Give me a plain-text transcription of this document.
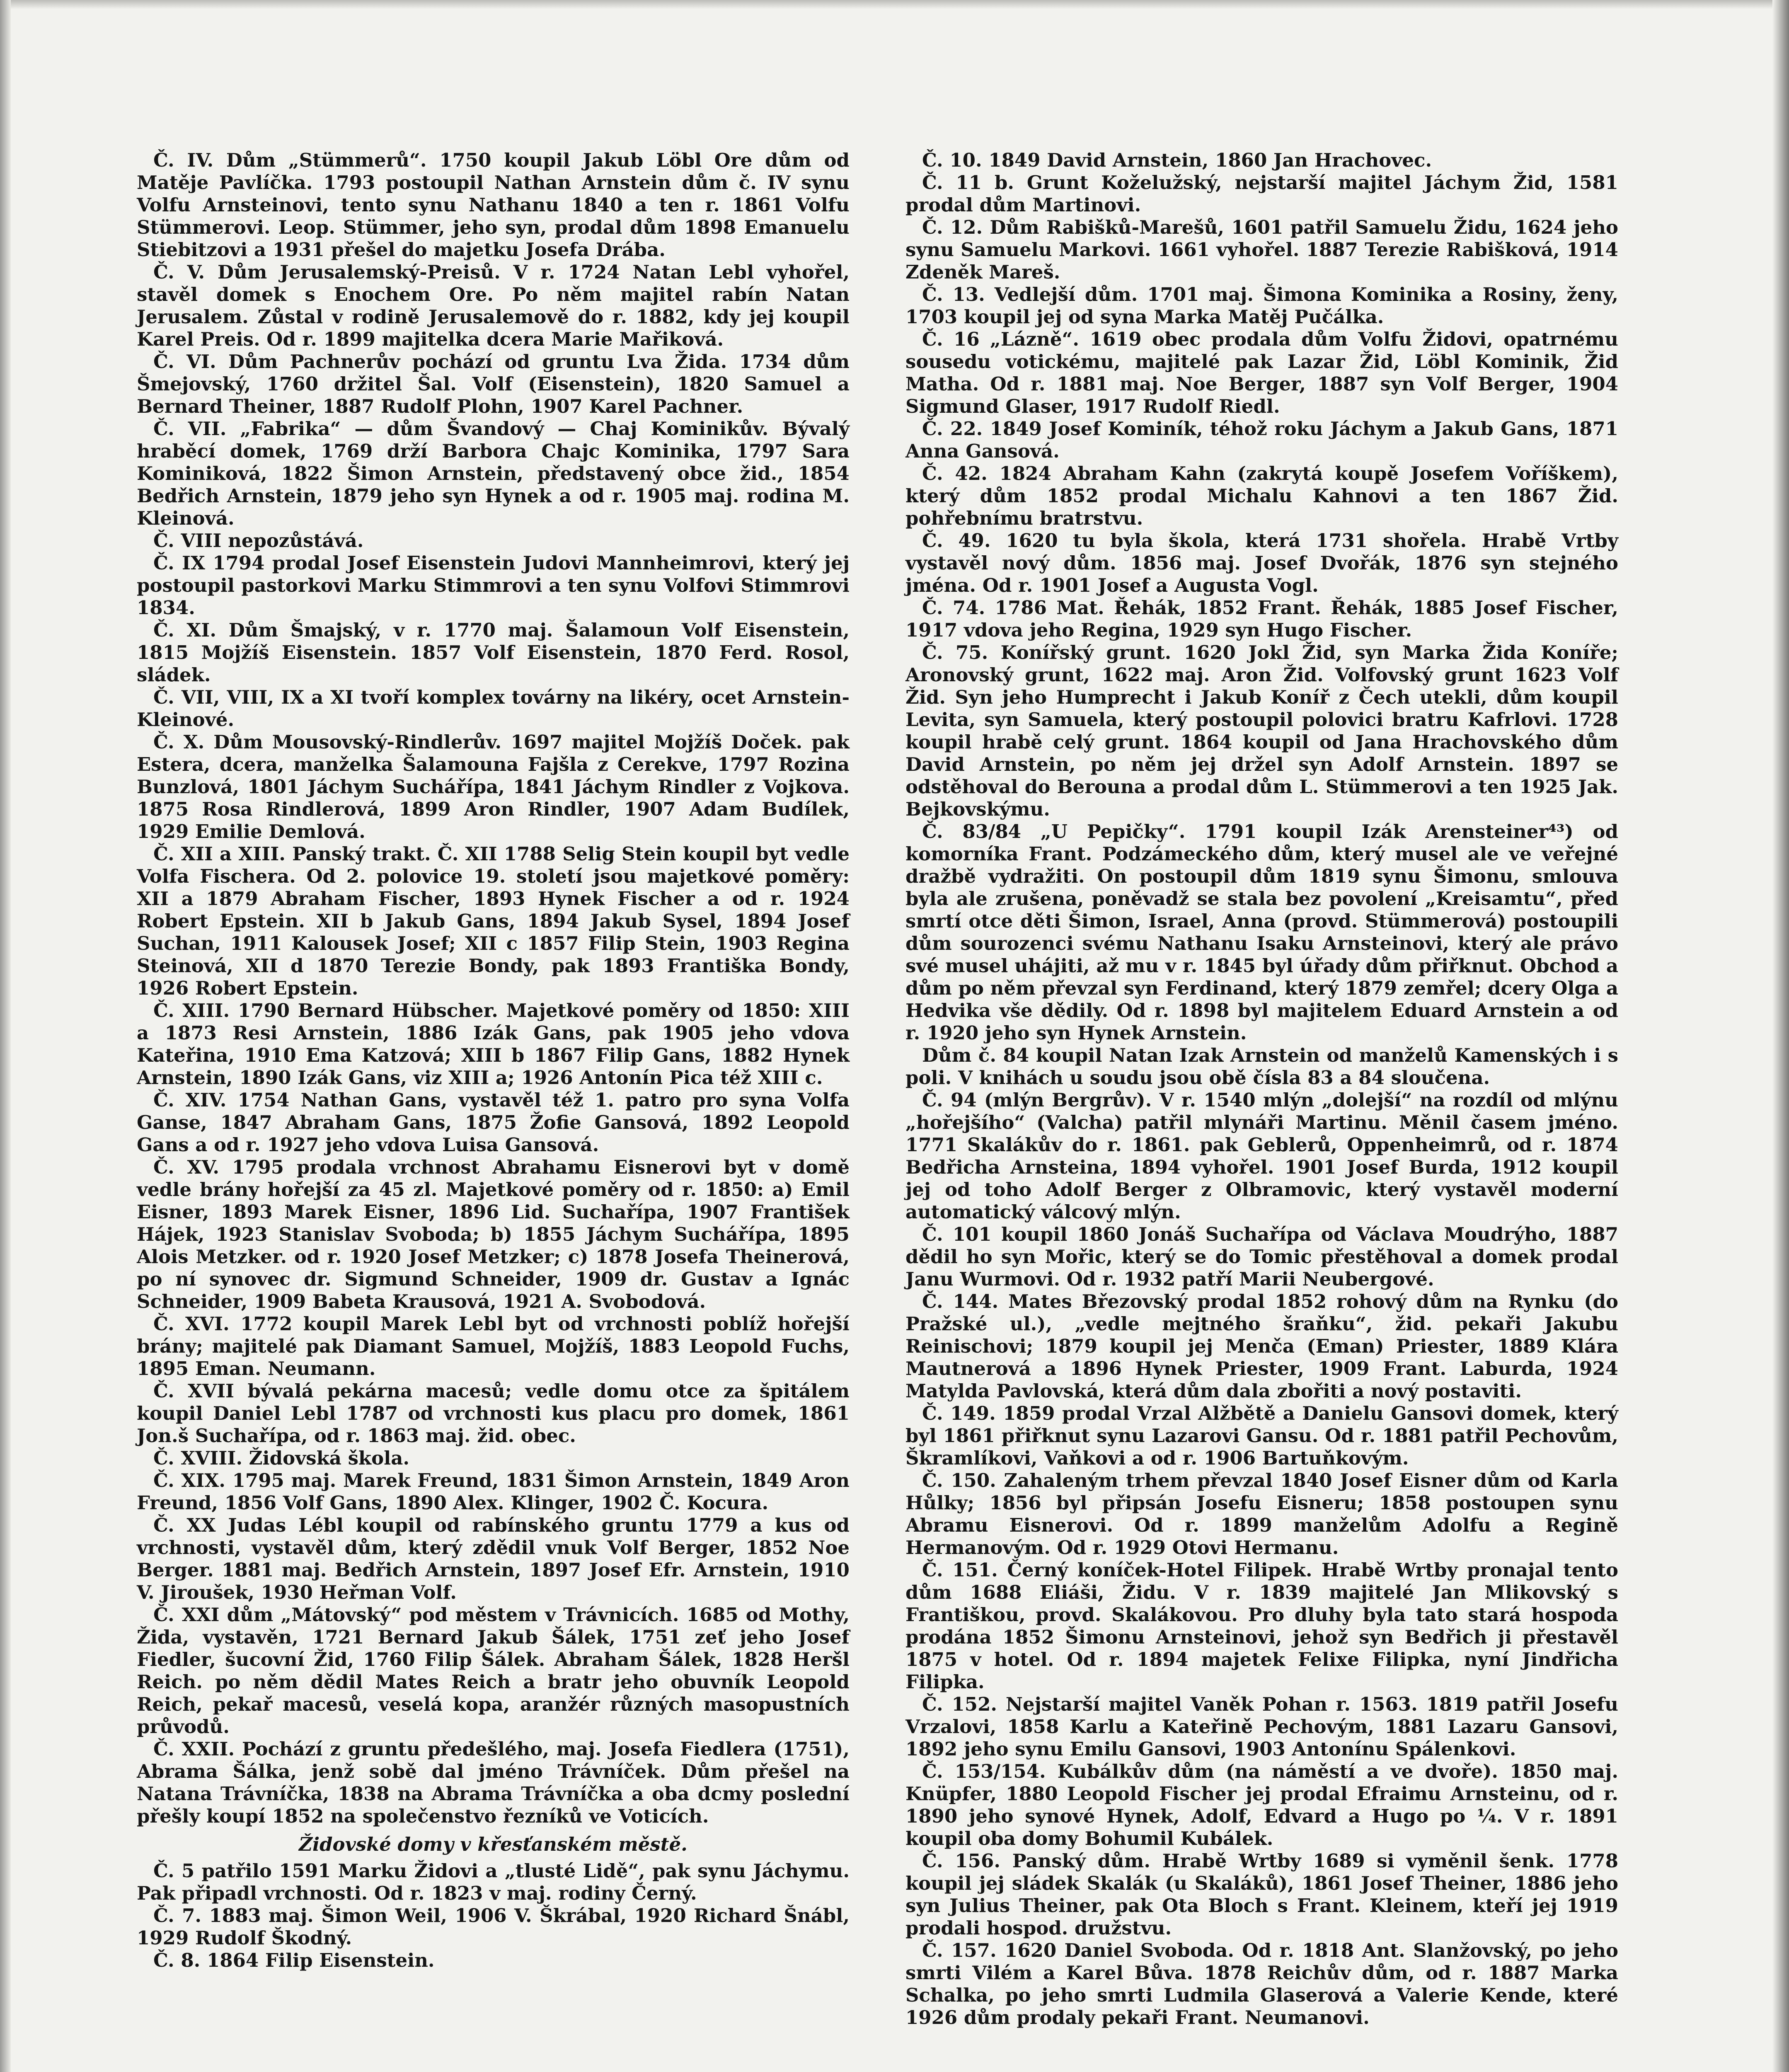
Č. IV. Dům „Stümmerů“. 1750 koupil Jakub Löbl Ore dům od Matěje Pavlíčka. 1793 postoupil Nathan Arnstein dům č. IV synu Volfu Arnsteinovi, tento synu Nathanu 1840 a ten r. 1861 Volfu Stümmerovi. Leop. Stümmer, jeho syn, prodal dům 1898 Emanuelu Stiebitzovi a 1931 přešel do majetku Josefa Drába.

Č. V. Dům Jerusalemský-Preisů. V r. 1724 Natan Lebl vyhořel, stavěl domek s Enochem Ore. Po něm majitel rabín Natan Jerusalem. Zůstal v rodině Jerusalemově do r. 1882, kdy jej koupil Karel Preis. Od r. 1899 majitelka dcera Marie Mařiková.

Č. VI. Dům Pachnerův pochází od gruntu Lva Žida. 1734 dům Šmejovský, 1760 držitel Šal. Volf (Eisenstein), 1820 Samuel a Bernard Theiner, 1887 Rudolf Plohn, 1907 Karel Pachner.

Č. VII. „Fabrika“ — dům Švandový — Chaj Kominikův. Bývalý hraběcí domek, 1769 drží Barbora Chajc Kominika, 1797 Sara Kominiková, 1822 Šimon Arnstein, představený obce žid., 1854 Bedřich Arnstein, 1879 jeho syn Hynek a od r. 1905 maj. rodina M. Kleinová.

Č. VIII nepozůstává.

Č. IX 1794 prodal Josef Eisenstein Judovi Mannheimrovi, který jej postoupil pastorkovi Marku Stimmrovi a ten synu Volfovi Stimmrovi 1834.

Č. XI. Dům Šmajský, v r. 1770 maj. Šalamoun Volf Eisenstein, 1815 Mojžíš Eisenstein. 1857 Volf Eisenstein, 1870 Ferd. Rosol, sládek.

Č. VII, VIII, IX a XI tvoří komplex továrny na likéry, ocet Arnstein-Kleinové.

Č. X. Dům Mousovský-Rindlerův. 1697 majitel Mojžíš Doček. pak Estera, dcera, manželka Šalamouna Fajšla z Cerekve, 1797 Rozina Bunzlová, 1801 Jáchym Suchářípa, 1841 Jáchym Rindler z Vojkova. 1875 Rosa Rindlerová, 1899 Aron Rindler, 1907 Adam Budílek, 1929 Emilie Demlová.

Č. XII a XIII. Panský trakt. Č. XII 1788 Selig Stein koupil byt vedle Volfa Fischera. Od 2. polovice 19. století jsou majetkové poměry: XII a 1879 Abraham Fischer, 1893 Hynek Fischer a od r. 1924 Robert Epstein. XII b Jakub Gans, 1894 Jakub Sysel, 1894 Josef Suchan, 1911 Kalousek Josef; XII c 1857 Filip Stein, 1903 Regina Steinová, XII d 1870 Terezie Bondy, pak 1893 Františka Bondy, 1926 Robert Epstein.

Č. XIII. 1790 Bernard Hübscher. Majetkové poměry od 1850: XIII a 1873 Resi Arnstein, 1886 Izák Gans, pak 1905 jeho vdova Kateřina, 1910 Ema Katzová; XIII b 1867 Filip Gans, 1882 Hynek Arnstein, 1890 Izák Gans, viz XIII a; 1926 Antonín Pica též XIII c.

Č. XIV. 1754 Nathan Gans, vystavěl též 1. patro pro syna Volfa Ganse, 1847 Abraham Gans, 1875 Žofie Gansová, 1892 Leopold Gans a od r. 1927 jeho vdova Luisa Gansová.

Č. XV. 1795 prodala vrchnost Abrahamu Eisnerovi byt v domě vedle brány hořejší za 45 zl. Majetkové poměry od r. 1850: a) Emil Eisner, 1893 Marek Eisner, 1896 Lid. Suchařípa, 1907 František Hájek, 1923 Stanislav Svoboda; b) 1855 Jáchym Suchářípa, 1895 Alois Metzker. od r. 1920 Josef Metzker; c) 1878 Josefa Theinerová, po ní synovec dr. Sigmund Schneider, 1909 dr. Gustav a Ignác Schneider, 1909 Babeta Krausová, 1921 A. Svobodová.

Č. XVI. 1772 koupil Marek Lebl byt od vrchnosti poblíž hořejší brány; majitelé pak Diamant Samuel, Mojžíš, 1883 Leopold Fuchs, 1895 Eman. Neumann.

Č. XVII bývalá pekárna macesů; vedle domu otce za špitálem koupil Daniel Lebl 1787 od vrchnosti kus placu pro domek, 1861 Jon.š Suchařípa, od r. 1863 maj. žid. obec.

Č. XVIII. Židovská škola.

Č. XIX. 1795 maj. Marek Freund, 1831 Šimon Arnstein, 1849 Aron Freund, 1856 Volf Gans, 1890 Alex. Klinger, 1902 Č. Kocura.

Č. XX Judas Lébl koupil od rabínského gruntu 1779 a kus od vrchnosti, vystavěl dům, který zdědil vnuk Volf Berger, 1852 Noe Berger. 1881 maj. Bedřich Arnstein, 1897 Josef Efr. Arnstein, 1910 V. Jiroušek, 1930 Heřman Volf.

Č. XXI dům „Mátovský“ pod městem v Trávnicích. 1685 od Mothy, Žida, vystavěn, 1721 Bernard Jakub Šálek, 1751 zeť jeho Josef Fiedler, šucovní Žid, 1760 Filip Šálek. Abraham Šálek, 1828 Heršl Reich. po něm dědil Mates Reich a bratr jeho obuvník Leopold Reich, pekař macesů, veselá kopa, aranžér různých masopustních průvodů.

Č. XXII. Pochází z gruntu předešlého, maj. Josefa Fiedlera (1751), Abrama Šálka, jenž sobě dal jméno Trávníček. Dům přešel na Natana Trávníčka, 1838 na Abrama Trávníčka a oba dcmy poslední přešly koupí 1852 na společenstvo řezníků ve Voticích.

Židovské domy v křesťanském městě.

Č. 5 patřilo 1591 Marku Židovi a „tlusté Lidě“, pak synu Jáchymu. Pak připadl vrchnosti. Od r. 1823 v maj. rodiny Černý.

Č. 7. 1883 maj. Šimon Weil, 1906 V. Škrábal, 1920 Richard Šnábl, 1929 Rudolf Škodný.

Č. 8. 1864 Filip Eisenstein.

Č. 10. 1849 David Arnstein, 1860 Jan Hrachovec.

Č. 11 b. Grunt Koželužský, nejstarší majitel Jáchym Žid, 1581 prodal dům Martinovi.

Č. 12. Dům Rabišků-Marešů, 1601 patřil Samuelu Židu, 1624 jeho synu Samuelu Markovi. 1661 vyhořel. 1887 Terezie Rabišková, 1914 Zdeněk Mareš.

Č. 13. Vedlejší dům. 1701 maj. Šimona Kominika a Rosiny, ženy, 1703 koupil jej od syna Marka Matěj Pučálka.

Č. 16 „Lázně“. 1619 obec prodala dům Volfu Židovi, opatrnému sousedu votickému, majitelé pak Lazar Žid, Löbl Kominik, Žid Matha. Od r. 1881 maj. Noe Berger, 1887 syn Volf Berger, 1904 Sigmund Glaser, 1917 Rudolf Riedl.

Č. 22. 1849 Josef Kominík, téhož roku Jáchym a Jakub Gans, 1871 Anna Gansová.

Č. 42. 1824 Abraham Kahn (zakrytá koupě Josefem Voříškem), který dům 1852 prodal Michalu Kahnovi a ten 1867 Žid. pohřebnímu bratrstvu.

Č. 49. 1620 tu byla škola, která 1731 shořela. Hrabě Vrtby vystavěl nový dům. 1856 maj. Josef Dvořák, 1876 syn stejného jména. Od r. 1901 Josef a Augusta Vogl.

Č. 74. 1786 Mat. Řehák, 1852 Frant. Řehák, 1885 Josef Fischer, 1917 vdova jeho Regina, 1929 syn Hugo Fischer.

Č. 75. Konířský grunt. 1620 Jokl Žid, syn Marka Žida Koníře; Aronovský grunt, 1622 maj. Aron Žid. Volfovský grunt 1623 Volf Žid. Syn jeho Humprecht i Jakub Koníř z Čech utekli, dům koupil Levita, syn Samuela, který postoupil polovici bratru Kafrlovi. 1728 koupil hrabě celý grunt. 1864 koupil od Jana Hrachovského dům David Arnstein, po něm jej držel syn Adolf Arnstein. 1897 se odstěhoval do Berouna a prodal dům L. Stümmerovi a ten 1925 Jak. Bejkovskýmu.

Č. 83/84 „U Pepičky“. 1791 koupil Izák Arensteiner⁴³) od komorníka Frant. Podzámeckého dům, který musel ale ve veřejné dražbě vydražiti. On postoupil dům 1819 synu Šimonu, smlouva byla ale zrušena, poněvadž se stala bez povolení „Kreisamtu“, před smrtí otce děti Šimon, Israel, Anna (provd. Stümmerová) postoupili dům sourozenci svému Nathanu Isaku Arnsteinovi, který ale právo své musel uhájiti, až mu v r. 1845 byl úřady dům přiřknut. Obchod a dům po něm převzal syn Ferdinand, který 1879 zemřel; dcery Olga a Hedvika vše dědily. Od r. 1898 byl majitelem Eduard Arnstein a od r. 1920 jeho syn Hynek Arnstein.

Dům č. 84 koupil Natan Izak Arnstein od manželů Kamenských i s poli. V knihách u soudu jsou obě čísla 83 a 84 sloučena.

Č. 94 (mlýn Bergrův). V r. 1540 mlýn „dolejší“ na rozdíl od mlýnu „hořejšího“ (Valcha) patřil mlynáři Martinu. Měnil časem jméno. 1771 Skalákův do r. 1861. pak Geblerů, Oppenheimrů, od r. 1874 Bedřicha Arnsteina, 1894 vyhořel. 1901 Josef Burda, 1912 koupil jej od toho Adolf Berger z Olbramovic, který vystavěl moderní automatický válcový mlýn.

Č. 101 koupil 1860 Jonáš Suchařípa od Václava Moudrýho, 1887 dědil ho syn Mořic, který se do Tomic přestěhoval a domek prodal Janu Wurmovi. Od r. 1932 patří Marii Neubergové.

Č. 144. Mates Březovský prodal 1852 rohový dům na Rynku (do Pražské ul.), „vedle mejtného šraňku“, žid. pekaři Jakubu Reinischovi; 1879 koupil jej Menča (Eman) Priester, 1889 Klára Mautnerová a 1896 Hynek Priester, 1909 Frant. Laburda, 1924 Matylda Pavlovská, která dům dala zbořiti a nový postaviti.

Č. 149. 1859 prodal Vrzal Alžbětě a Danielu Gansovi domek, který byl 1861 přiřknut synu Lazarovi Gansu. Od r. 1881 patřil Pechovům, Škramlíkovi, Vaňkovi a od r. 1906 Bartuňkovým.

Č. 150. Zahaleným trhem převzal 1840 Josef Eisner dům od Karla Hůlky; 1856 byl připsán Josefu Eisneru; 1858 postoupen synu Abramu Eisnerovi. Od r. 1899 manželům Adolfu a Regině Hermanovým. Od r. 1929 Otovi Hermanu.

Č. 151. Černý koníček-Hotel Filipek. Hrabě Wrtby pronajal tento dům 1688 Eliáši, Židu. V r. 1839 majitelé Jan Mlikovský s Františkou, provd. Skalákovou. Pro dluhy byla tato stará hospoda prodána 1852 Šimonu Arnsteinovi, jehož syn Bedřich ji přestavěl 1875 v hotel. Od r. 1894 majetek Felixe Filipka, nyní Jindřicha Filipka.

Č. 152. Nejstarší majitel Vaněk Pohan r. 1563. 1819 patřil Josefu Vrzalovi, 1858 Karlu a Kateřině Pechovým, 1881 Lazaru Gansovi, 1892 jeho synu Emilu Gansovi, 1903 Antonínu Spálenkovi.

Č. 153/154. Kubálkův dům (na náměstí a ve dvoře). 1850 maj. Knüpfer, 1880 Leopold Fischer jej prodal Efraimu Arnsteinu, od r. 1890 jeho synové Hynek, Adolf, Edvard a Hugo po ¼. V r. 1891 koupil oba domy Bohumil Kubálek.

Č. 156. Panský dům. Hrabě Wrtby 1689 si vyměnil šenk. 1778 koupil jej sládek Skalák (u Skaláků), 1861 Josef Theiner, 1886 jeho syn Julius Theiner, pak Ota Bloch s Frant. Kleinem, kteří jej 1919 prodali hospod. družstvu.

Č. 157. 1620 Daniel Svoboda. Od r. 1818 Ant. Slanžovský, po jeho smrti Vilém a Karel Bůva. 1878 Reichův dům, od r. 1887 Marka Schalka, po jeho smrti Ludmila Glaserová a Valerie Kende, které 1926 dům prodaly pekaři Frant. Neumanovi.
